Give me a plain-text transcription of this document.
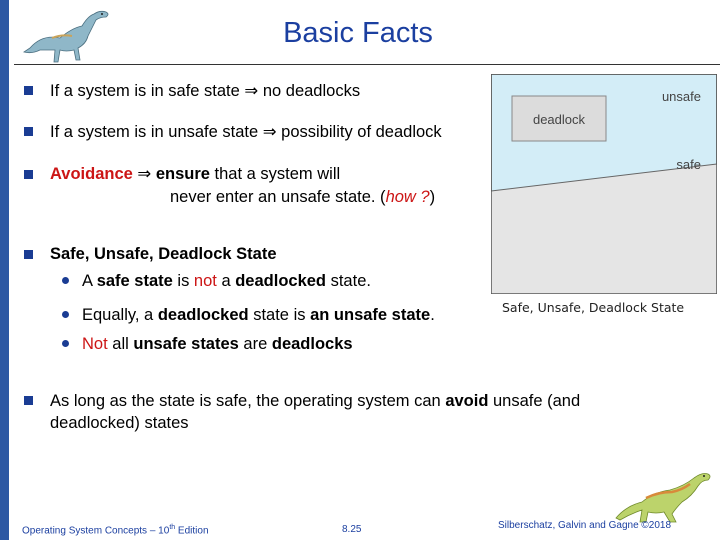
Basic Facts
If a system is in safe state ⇒ no deadlocks
If a system is in unsafe state ⇒ possibility of deadlock
Avoidance ⇒ ensure that a system will
never enter an unsafe state. (how ?)
Safe, Unsafe, Deadlock State
A safe state is not a deadlocked state.
Equally, a deadlocked state is an unsafe state.
Not all unsafe states are deadlocks
As long as the state is safe, the operating system can avoid unsafe (and
deadlocked) states
deadlock
unsafe
safe
Safe, Unsafe, Deadlock State
Operating System Concepts – 10th Edition	8.25	Silberschatz, Galvin and Gagne ©2018
